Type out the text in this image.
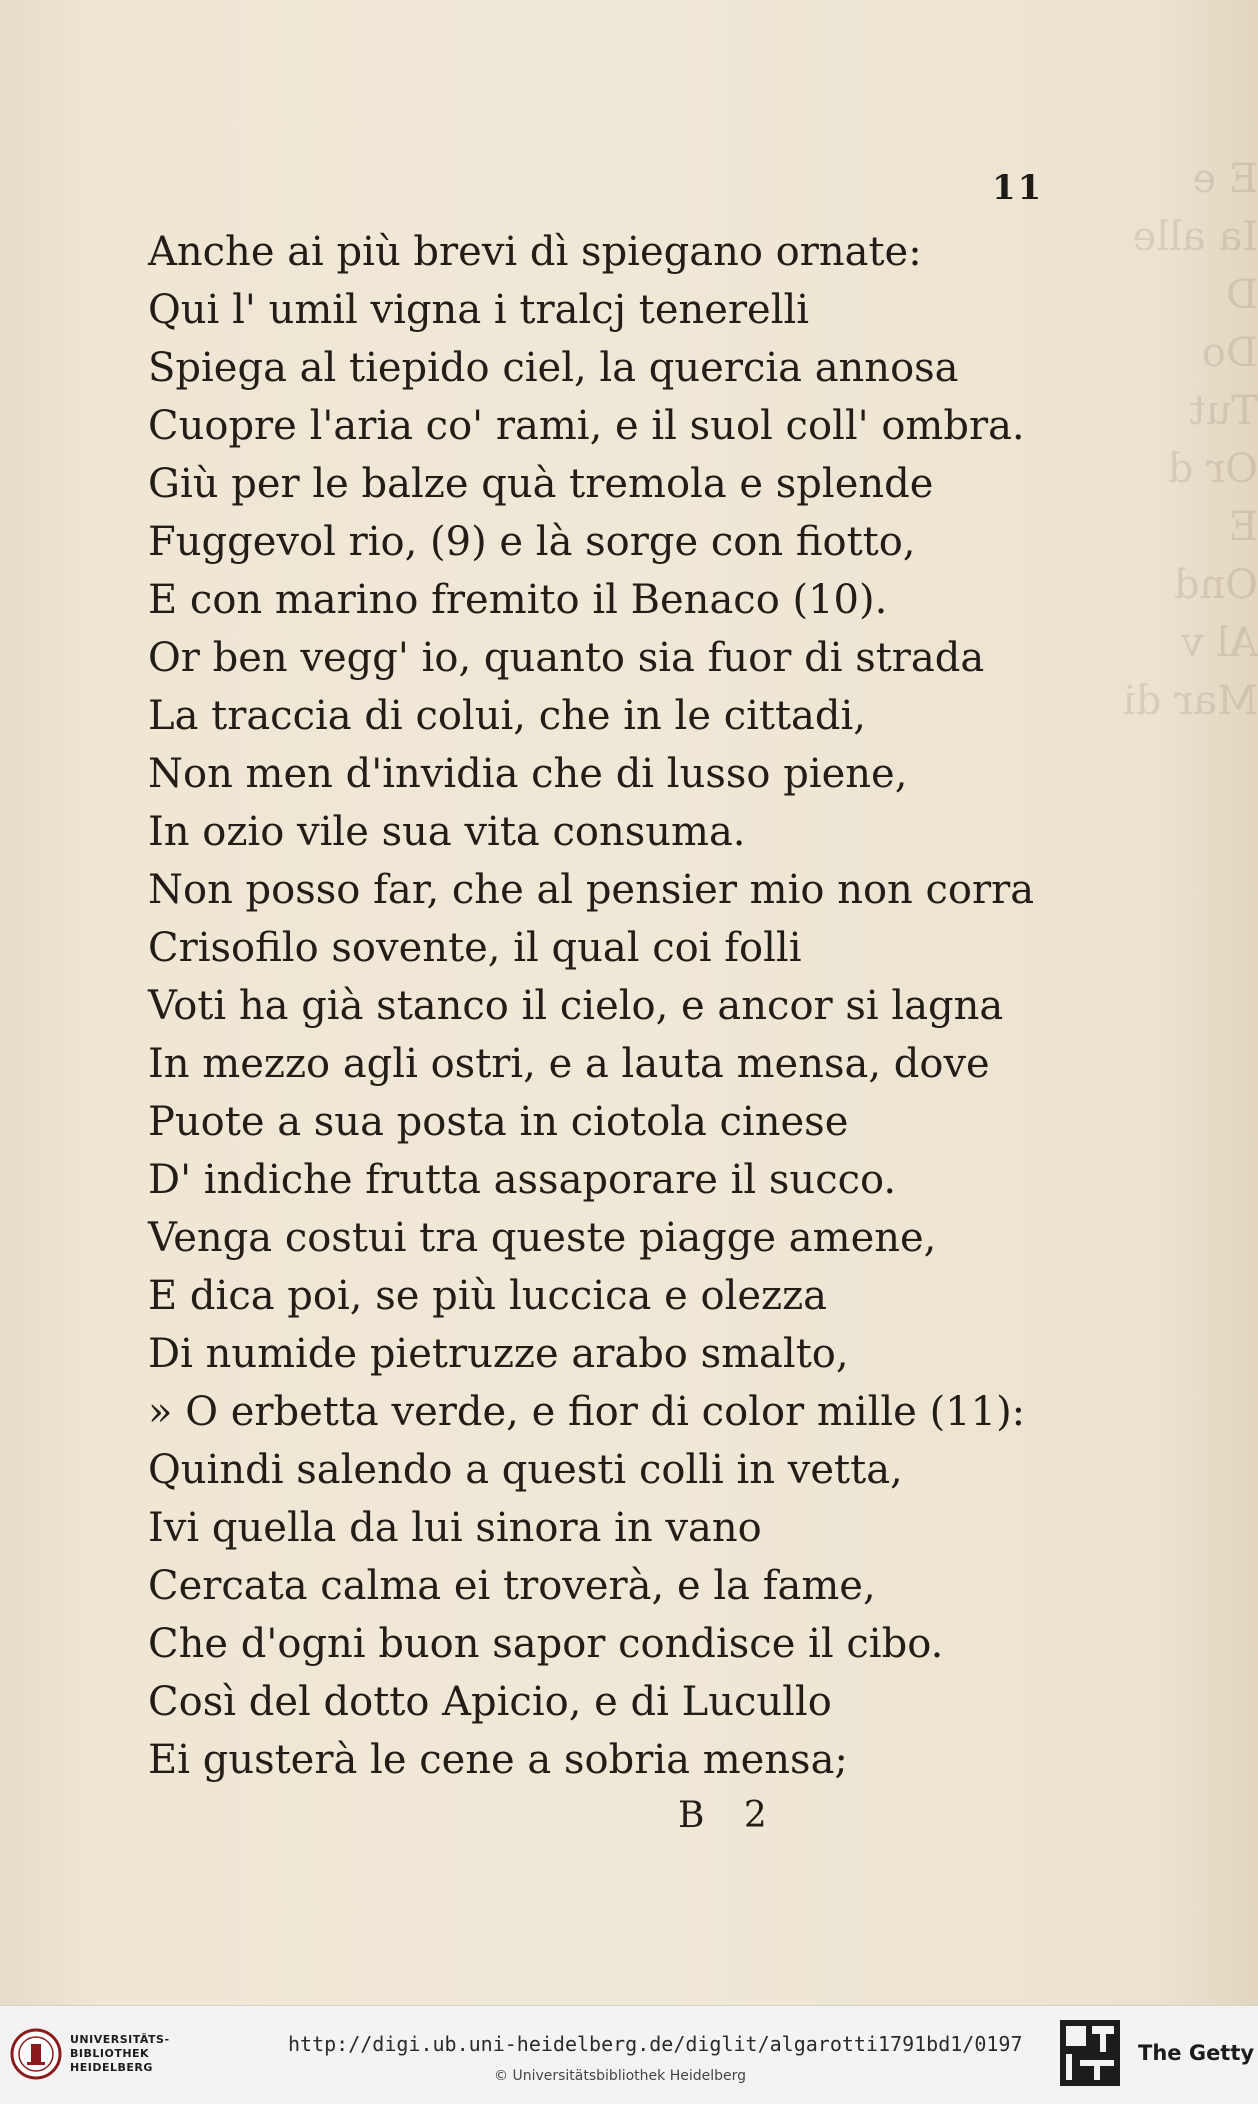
E e
Ia alle
D
Do
Tut
Or d
E
Ond
Al v
Mar di
11
Anche ai più brevi dì spiegano ornate:
Qui l' umil vigna i tralcj tenerelli
Spiega al tiepido ciel, la quercia annosa
Cuopre l'aria co' rami, e il suol coll' ombra.
Giù per le balze quà tremola e splende
Fuggevol rio, (9) e là sorge con fiotto,
E con marino fremito il Benaco (10).
Or ben vegg' io, quanto sia fuor di strada
La traccia di colui, che in le cittadi,
Non men d'invidia che di lusso piene,
In ozio vile sua vita consuma.
Non posso far, che al pensier mio non corra
Crisofilo sovente, il qual coi folli
Voti ha già stanco il cielo, e ancor si lagna
In mezzo agli ostri, e a lauta mensa, dove
Puote a sua posta in ciotola cinese
D' indiche frutta assaporare il succo.
Venga costui tra queste piagge amene,
E dica poi, se più luccica e olezza
Di numide pietruzze arabo smalto,
» O erbetta verde, e fior di color mille (11):
Quindi salendo a questi colli in vetta,
Ivi quella da lui sinora in vano
Cercata calma ei troverà, e la fame,
Che d'ogni buon sapor condisce il cibo.
Così del dotto Apicio, e di Lucullo
Ei gusterà le cene a sobria mensa;
B 2
UNIVERSITÄTS-
BIBLIOTHEK
HEIDELBERG
http://digi.ub.uni-heidelberg.de/diglit/algarotti1791bd1/0197
© Universitätsbibliothek Heidelberg
The Getty
